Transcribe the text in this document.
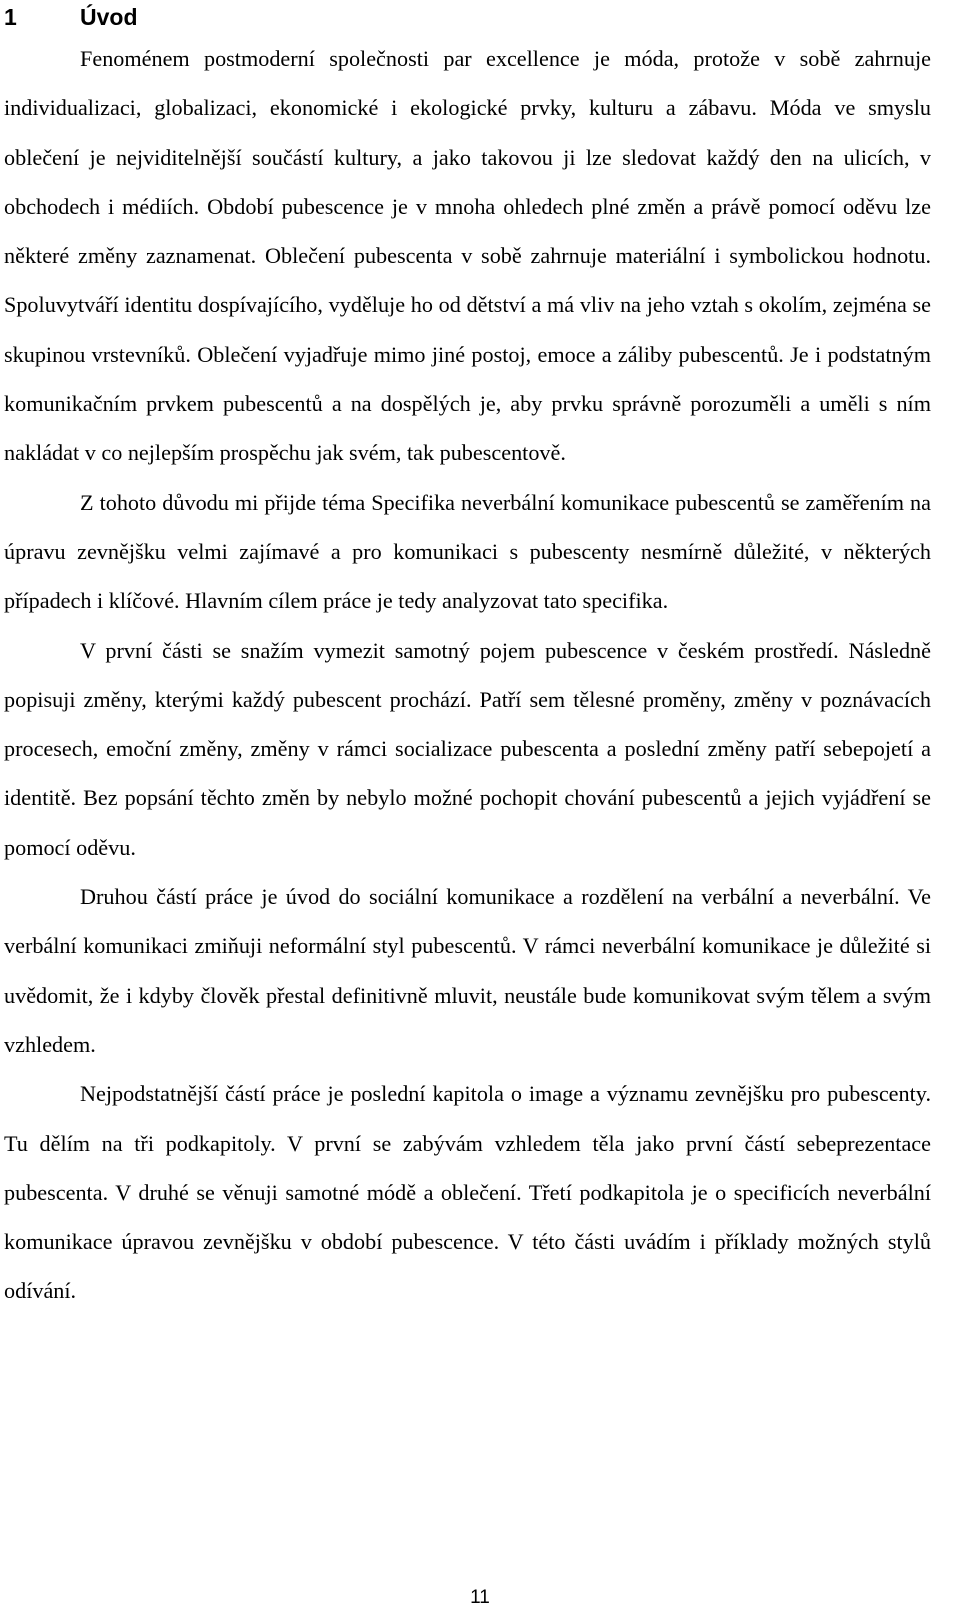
1	Úvod

Fenoménem postmoderní společnosti par excellence je móda, protože v sobě zahrnuje individualizaci, globalizaci, ekonomické i ekologické prvky, kulturu a zábavu. Móda ve smyslu oblečení je nejviditelnější součástí kultury, a jako takovou ji lze sledovat každý den na ulicích, v obchodech i médiích. Období pubescence je v mnoha ohledech plné změn a právě pomocí oděvu lze některé změny zaznamenat. Oblečení pubescenta v sobě zahrnuje materiální i symbolickou hodnotu. Spoluvytváří identitu dospívajícího, vyděluje ho od dětství a má vliv na jeho vztah s okolím, zejména se skupinou vrstevníků. Oblečení vyjadřuje mimo jiné postoj, emoce a záliby pubescentů. Je i podstatným komunikačním prvkem pubescentů a na dospělých je, aby prvku správně porozuměli a uměli s ním nakládat v co nejlepším prospěchu jak svém, tak pubescentově.

Z tohoto důvodu mi přijde téma Specifika neverbální komunikace pubescentů se zaměřením na úpravu zevnějšku velmi zajímavé a pro komunikaci s pubescenty nesmírně důležité, v některých případech i klíčové. Hlavním cílem práce je tedy analyzovat tato specifika.

V první části se snažím vymezit samotný pojem pubescence v českém prostředí. Následně popisuji změny, kterými každý pubescent prochází. Patří sem tělesné proměny, změny v poznávacích procesech, emoční změny, změny v rámci socializace pubescenta a poslední změny patří sebepojetí a identitě. Bez popsání těchto změn by nebylo možné pochopit chování pubescentů a jejich vyjádření se pomocí oděvu.

Druhou částí práce je úvod do sociální komunikace a rozdělení na verbální a neverbální. Ve verbální komunikaci zmiňuji neformální styl pubescentů. V rámci neverbální komunikace je důležité si uvědomit, že i kdyby člověk přestal definitivně mluvit, neustále bude komunikovat svým tělem a svým vzhledem.

Nejpodstatnější částí práce je poslední kapitola o image a významu zevnějšku pro pubescenty. Tu dělím na tři podkapitoly. V první se zabývám vzhledem těla jako první částí sebeprezentace pubescenta. V druhé se věnuji samotné módě a oblečení. Třetí podkapitola je o specificích neverbální komunikace úpravou zevnějšku v období pubescence. V této části uvádím i příklady možných stylů odívání.

11
